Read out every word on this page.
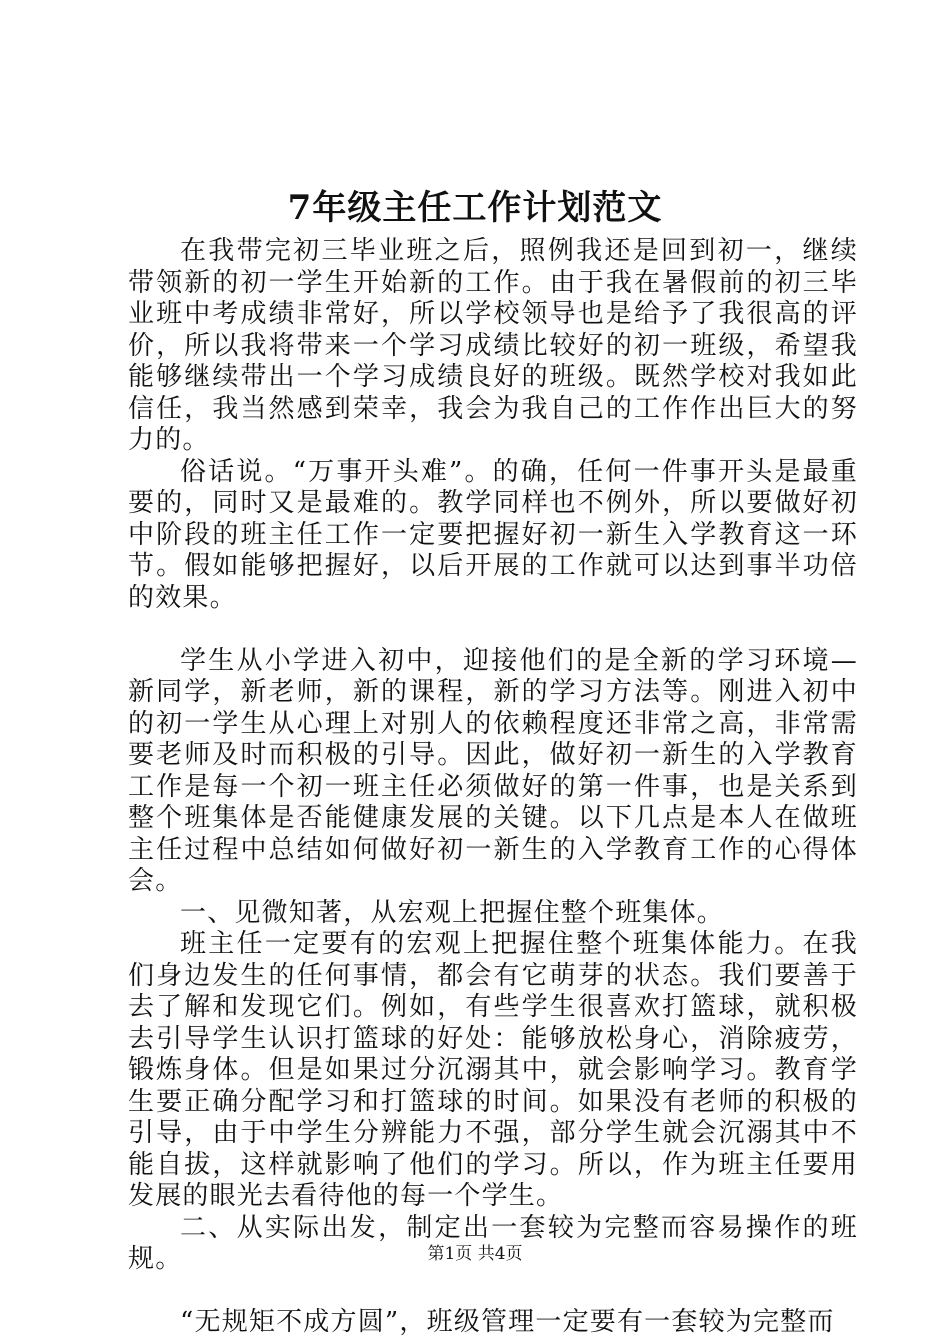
7年级主任工作计划范文

在我带完初三毕业班之后，照例我还是回到初一，继续带领新的初一学生开始新的工作。由于我在暑假前的初三毕业班中考成绩非常好，所以学校领导也是给予了我很高的评价，所以我将带来一个学习成绩比较好的初一班级，希望我能够继续带出一个学习成绩良好的班级。既然学校对我如此信任，我当然感到荣幸，我会为我自己的工作作出巨大的努力的。

俗话说。“万事开头难”。的确，任何一件事开头是最重要的，同时又是最难的。教学同样也不例外，所以要做好初中阶段的班主任工作一定要把握好初一新生入学教育这一环节。假如能够把握好，以后开展的工作就可以达到事半功倍的效果。

学生从小学进入初中，迎接他们的是全新的学习环境—新同学，新老师，新的课程，新的学习方法等。刚进入初中的初一学生从心理上对别人的依赖程度还非常之高，非常需要老师及时而积极的引导。因此，做好初一新生的入学教育工作是每一个初一班主任必须做好的第一件事，也是关系到整个班集体是否能健康发展的关键。以下几点是本人在做班主任过程中总结如何做好初一新生的入学教育工作的心得体会。

一、见微知著，从宏观上把握住整个班集体。

班主任一定要有的宏观上把握住整个班集体能力。在我们身边发生的任何事情，都会有它萌芽的状态。我们要善于去了解和发现它们。例如，有些学生很喜欢打篮球，就积极去引导学生认识打篮球的好处：能够放松身心，消除疲劳，锻炼身体。但是如果过分沉溺其中，就会影响学习。教育学生要正确分配学习和打篮球的时间。如果没有老师的积极的引导，由于中学生分辨能力不强，部分学生就会沉溺其中不能自拔，这样就影响了他们的学习。所以，作为班主任要用发展的眼光去看待他的每一个学生。

二、从实际出发，制定出一套较为完整而容易操作的班规。

“无规矩不成方圆”，班级管理一定要有一套较为完整而

第1页 共4页
